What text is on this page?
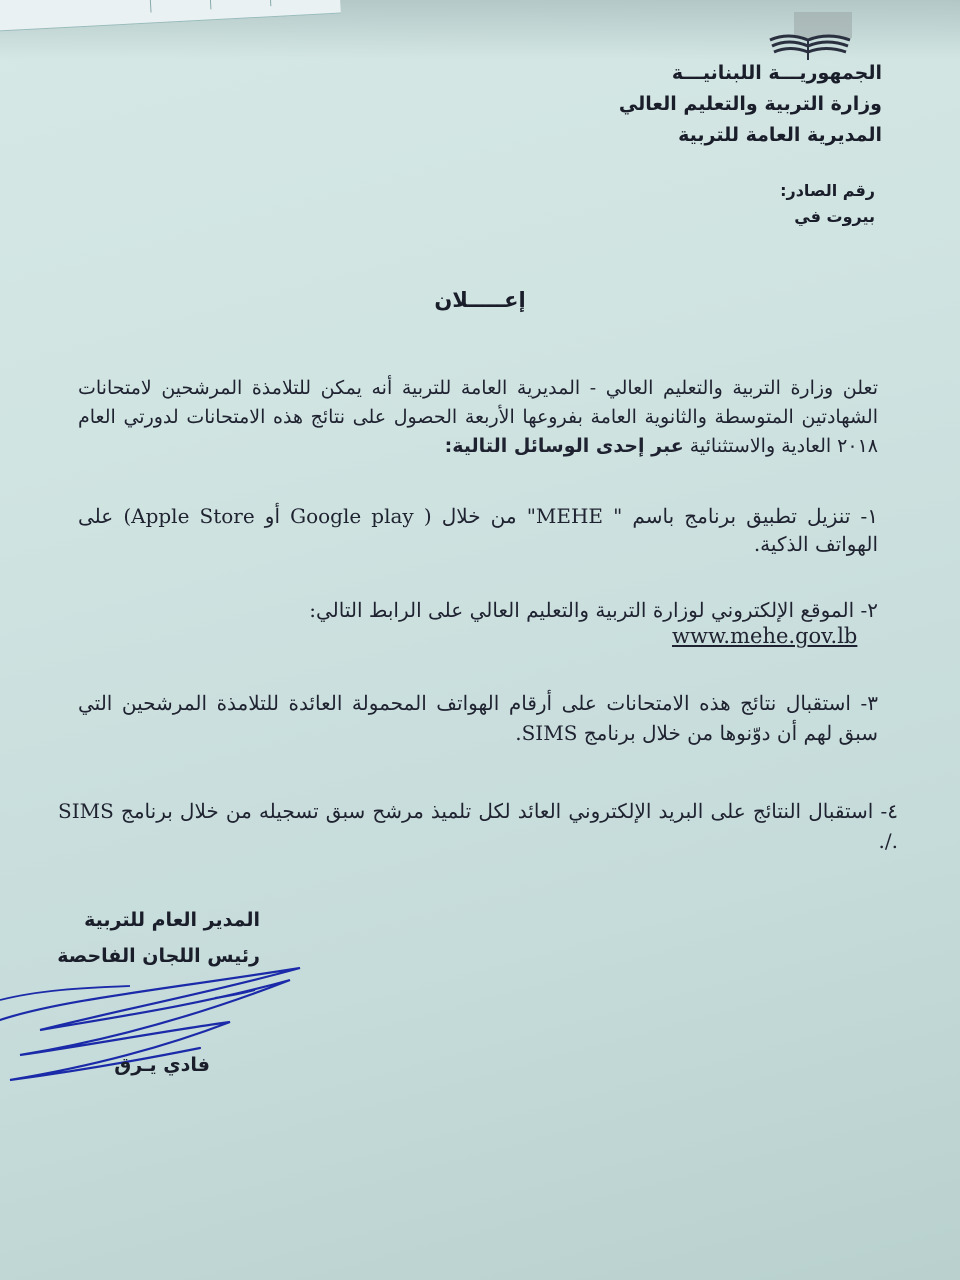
الجمهوريـــة اللبنانيـــة
وزارة التربية والتعليم العالي
المديرية العامة للتربية
رقم الصادر:
بيروت في
إعـــــلان
تعلن وزارة التربية والتعليم العالي - المديرية العامة للتربية أنه يمكن للتلامذة المرشحين لامتحانات الشهادتين المتوسطة والثانوية العامة بفروعها الأربعة الحصول على نتائج هذه الامتحانات لدورتي العام ٢٠١٨ العادية والاستثنائية عبر إحدى الوسائل التالية:
١- تنزيل تطبيق برنامج باسم " MEHE" من خلال ( Google play أو Apple Store) على الهواتف الذكية.
٢- الموقع الإلكتروني لوزارة التربية والتعليم العالي على الرابط التالي:
www.mehe.gov.lb
٣- استقبال نتائج هذه الامتحانات على أرقام الهواتف المحمولة العائدة للتلامذة المرشحين التي سبق لهم أن دوّنوها من خلال برنامج SIMS.
٤- استقبال النتائج على البريد الإلكتروني العائد لكل تلميذ مرشح سبق تسجيله من خلال برنامج SIMS ./.
المدير العام للتربية
رئيس اللجان الفاحصة
فادي يـرق
